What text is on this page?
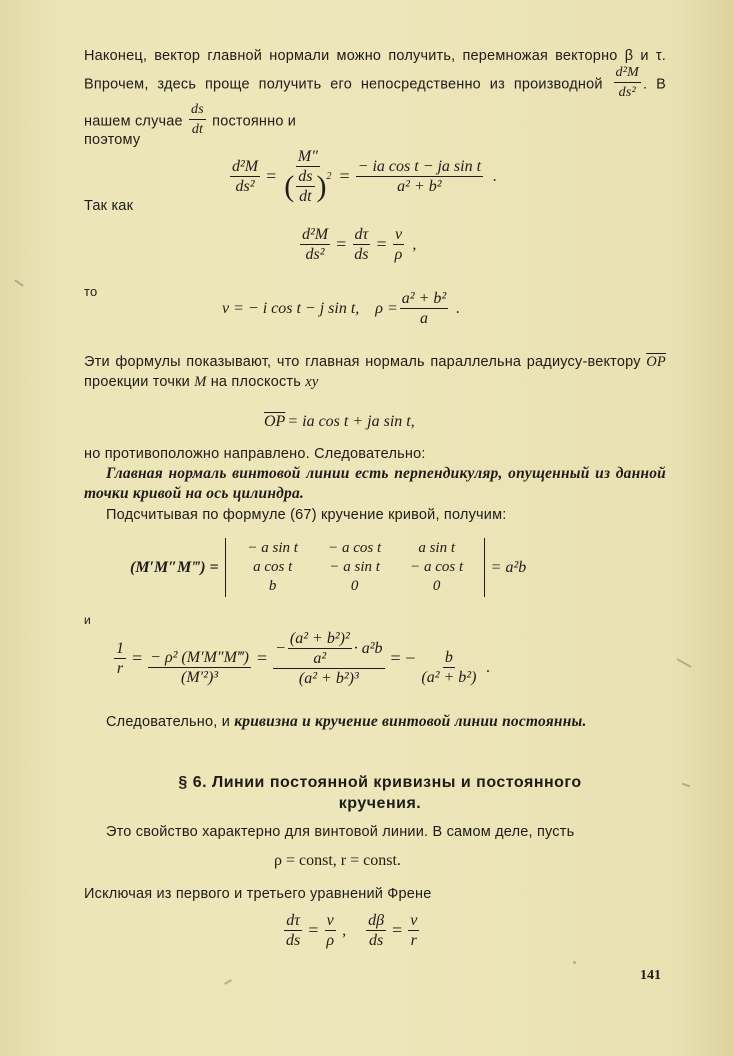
Наконец, вектор главной нормали можно получить, перемножая векторно β и τ. Впрочем, здесь проще получить его непосредственно из производной $\frac{\text{d²M}}{\text{ds²}}$ . В нашем случае $\frac{ds}{dt}$ постоянно и
поэтому
$\frac{\text{d²M}}{\text{ds²}} = \frac{M''}{( \frac{ds}{dt} ) 2} = \frac{\text{− ia cos t − ja sin t}}{\text{a² + b²}}$ .
Так как
$\frac{\text{d²M}}{\text{ds²}} = \frac{d\tau}{ds} = \frac{\nu}{\rho}$ ,
то
ν = − i cos t − j sin t, $\rho = \frac{\text{a² + b²}}{a}$ .
Эти формулы показывают, что главная нормаль параллельна радиусу-вектору $\overline{OP}$ проекции точки M на плоскость xy
$\overline{OP}$ = ia cos t + ja sin t,
но противоположно направлено. Следовательно:
Главная нормаль винтовой линии есть перпендикуляр, опущенный из данной точки кривой на ось цилиндра.
Подсчитывая по формуле (67) кручение кривой, получим:
(M′M″M‴) =
− a sin t	− a cos t	a sin t
a cos t	− a sin t	− a cos t
b	0	0
= a²b
и
$\frac{1}{r} = \frac{\text{− ρ² (M′M″M‴)}}{\text{(M′²)³}} = \frac{- \frac{\text{(a² + b²)²}}{\text{a²}} \cdot a^2b}{\text{(a² + b²)³}}$ = − $\frac{b}{\text{(a² + b²)}}$ .
Следовательно, и кривизна и кручение винтовой линии постоянны.
§ 6. Линии постоянной кривизны и постоянного
кручения.
Это свойство характерно для винтовой линии. В самом деле, пусть
ρ = const, r = const.
Исключая из первого и третьего уравнений Френе
$\frac{d\tau}{ds} = \frac{\nu}{\rho}$ , $\frac{d\beta}{ds} = \frac{\nu}{r}$
141
